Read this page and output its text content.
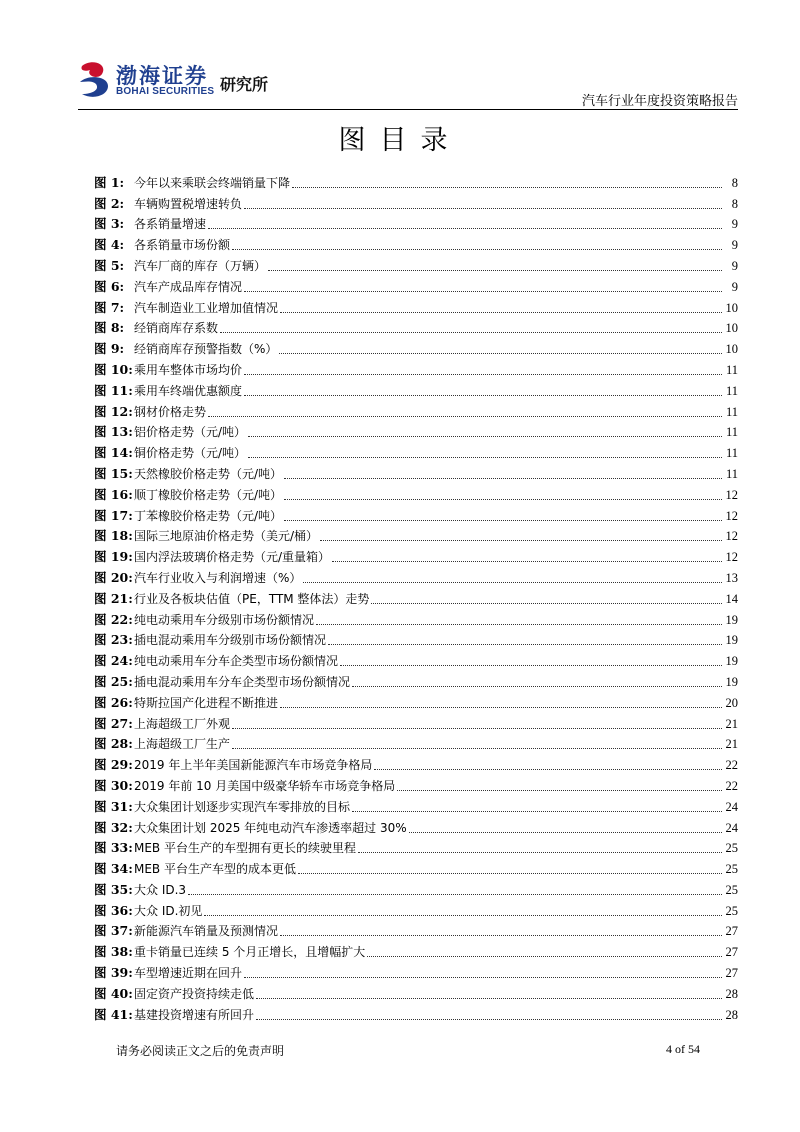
渤海证券
BOHAI SECURITIES 研究所
汽车行业年度投资策略报告
图目录
图 1: 今年以来乘联会终端销量下降	8
图 2: 车辆购置税增速转负	8
图 3: 各系销量增速	9
图 4: 各系销量市场份额	9
图 5: 汽车厂商的库存（万辆）	9
图 6: 汽车产成品库存情况	9
图 7: 汽车制造业工业增加值情况	10
图 8: 经销商库存系数	10
图 9: 经销商库存预警指数（%）	10
图 10: 乘用车整体市场均价	11
图 11: 乘用车终端优惠额度	11
图 12: 钢材价格走势	11
图 13: 铝价格走势（元/吨）	11
图 14: 铜价格走势（元/吨）	11
图 15: 天然橡胶价格走势（元/吨）	11
图 16: 顺丁橡胶价格走势（元/吨）	12
图 17: 丁苯橡胶价格走势（元/吨）	12
图 18: 国际三地原油价格走势（美元/桶）	12
图 19: 国内浮法玻璃价格走势（元/重量箱）	12
图 20: 汽车行业收入与利润增速（%）	13
图 21: 行业及各板块估值（PE，TTM 整体法）走势	14
图 22: 纯电动乘用车分级别市场份额情况	19
图 23: 插电混动乘用车分级别市场份额情况	19
图 24: 纯电动乘用车分车企类型市场份额情况	19
图 25: 插电混动乘用车分车企类型市场份额情况	19
图 26: 特斯拉国产化进程不断推进	20
图 27: 上海超级工厂外观	21
图 28: 上海超级工厂生产	21
图 29: 2019 年上半年美国新能源汽车市场竞争格局	22
图 30: 2019 年前 10 月美国中级豪华轿车市场竞争格局	22
图 31: 大众集团计划逐步实现汽车零排放的目标	24
图 32: 大众集团计划 2025 年纯电动汽车渗透率超过 30%	24
图 33: MEB 平台生产的车型拥有更长的续驶里程	25
图 34: MEB 平台生产车型的成本更低	25
图 35: 大众 ID.3	25
图 36: 大众 ID.初见	25
图 37: 新能源汽车销量及预测情况	27
图 38: 重卡销量已连续 5 个月正增长，且增幅扩大	27
图 39: 车型增速近期在回升	27
图 40: 固定资产投资持续走低	28
图 41: 基建投资增速有所回升	28
请务必阅读正文之后的免责声明	4 of 54
